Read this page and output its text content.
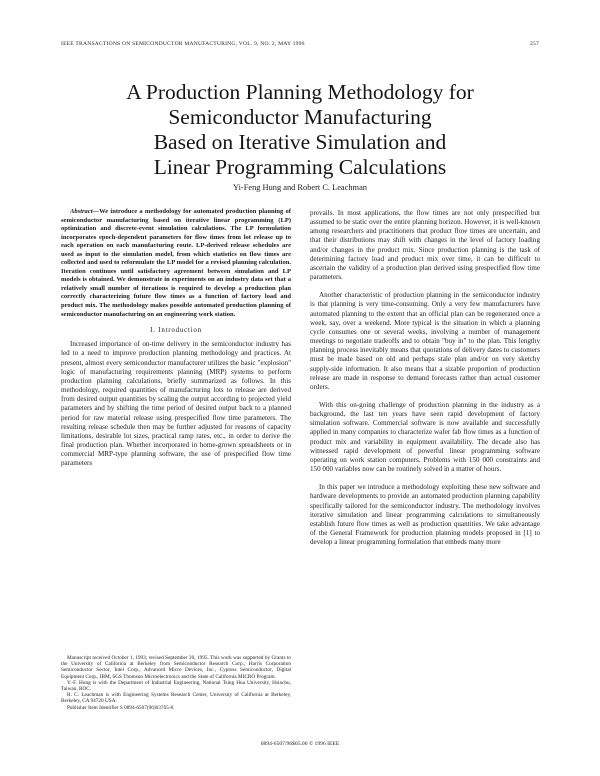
IEEE TRANSACTIONS ON SEMICONDUCTOR MANUFACTURING, VOL. 9, NO. 2, MAY 1996	257
A Production Planning Methodology for
Semiconductor Manufacturing
Based on Iterative Simulation and
Linear Programming Calculations
Yi-Feng Hung and Robert C. Leachman

Abstract—We introduce a methodology for automated production planning of semiconductor manufacturing based on iterative linear programming (LP) optimization and discrete-event simulation calculations. The LP formulation incorporates epoch-dependent parameters for flow times from lot release up to each operation on each manufacturing route. LP-derived release schedules are used as input to the simulation model, from which statistics on flow times are collected and used to reformulate the LP model for a revised planning calculation. Iteration continues until satisfactory agreement between simulation and LP models is obtained. We demonstrate in experiments on an industry data set that a relatively small number of iterations is required to develop a production plan correctly characterizing future flow times as a function of factory load and product mix. The methodology makes possible automated production planning of semiconductor manufacturing on an engineering work station.

I. Introduction

Increased importance of on-time delivery in the semiconductor industry has led to a need to improve production planning methodology and practices. At present, almost every semiconductor manufacturer utilizes the basic "explosion" logic of manufacturing requirements planning (MRP) systems to perform production planning calculations, briefly summarized as follows. In this methodology, required quantities of manufacturing lots to release are derived from desired output quantities by scaling the output according to projected yield parameters and by shifting the time period of desired output back to a planned period for raw material release using prespecified flow time parameters. The resulting release schedule then may be further adjusted for reasons of capacity limitations, desirable lot sizes, practical ramp rates, etc., in order to derive the final production plan. Whether incorporated in home-grown spreadsheets or in commercial MRP-type planning software, the use of prespecified flow time parameters

Manuscript received October 1, 1993; revised September 20, 1995. This work was supported by Grants to the University of California at Berkeley from Semiconductor Research Corp., Harris Corporation Semiconductor Sector, Intel Corp., Advanced Micro Devices, Inc., Cypress Semiconductor, Digital Equipment Corp., IBM, SGS Thomson Microelectronics and the State of California MICRO Program.

Y.-F. Hung is with the Department of Industrial Engineering, National Tsing Hua University, Hsinchu, Taiwan, ROC.

R. C. Leachman is with Engineering Systems Research Center, University of California at Berkeley, Berkeley, CA 94720 USA.

Publisher Item Identifier S 0894-6507(96)03765-8.

prevails. In most applications, the flow times are not only prespecified but assumed to be static over the entire planning horizon. However, it is well-known among researchers and practitioners that product flow times are uncertain, and that their distributions may shift with changes in the level of factory loading and/or changes in the product mix. Since production planning is the task of determining factory load and product mix over time, it can be difficult to ascertain the validity of a production plan derived using prespecified flow time parameters.

Another characteristic of production planning in the semiconductor industry is that planning is very time-consuming. Only a very few manufacturers have automated planning to the extent that an official plan can be regenerated once a week, say, over a weekend. More typical is the situation in which a planning cycle consumes one or several weeks, involving a number of management meetings to negotiate tradeoffs and to obtain "buy in" to the plan. This lengthy planning process inevitably means that quotations of delivery dates to customers must be made based on old and perhaps stale plan and/or on very sketchy supply-side information. It also means that a sizable proportion of production release are made in response to demand forecasts rather than actual customer orders.

With this on-going challenge of production planning in the industry as a background, the last ten years have seen rapid development of factory simulation software. Commercial software is now available and successfully applied in many companies to characterize wafer fab flow times as a function of product mix and variability in equipment availability. The decade also has witnessed rapid development of powerful linear programming software operating on work station computers. Problems with 150 000 constraints and 150 000 variables now can be routinely solved in a matter of hours.

In this paper we introduce a methodology exploiting these new software and hardware developments to provide an automated production planning capability specifically tailored for the semiconductor industry. The methodology involves iterative simulation and linear programming calculations to simultaneously establish future flow times as well as production quantities. We take advantage of the General Framework for production planning models proposed in [1] to develop a linear programming formulation that embeds many more

0894-6507/96$05.00 © 1996 IEEE
